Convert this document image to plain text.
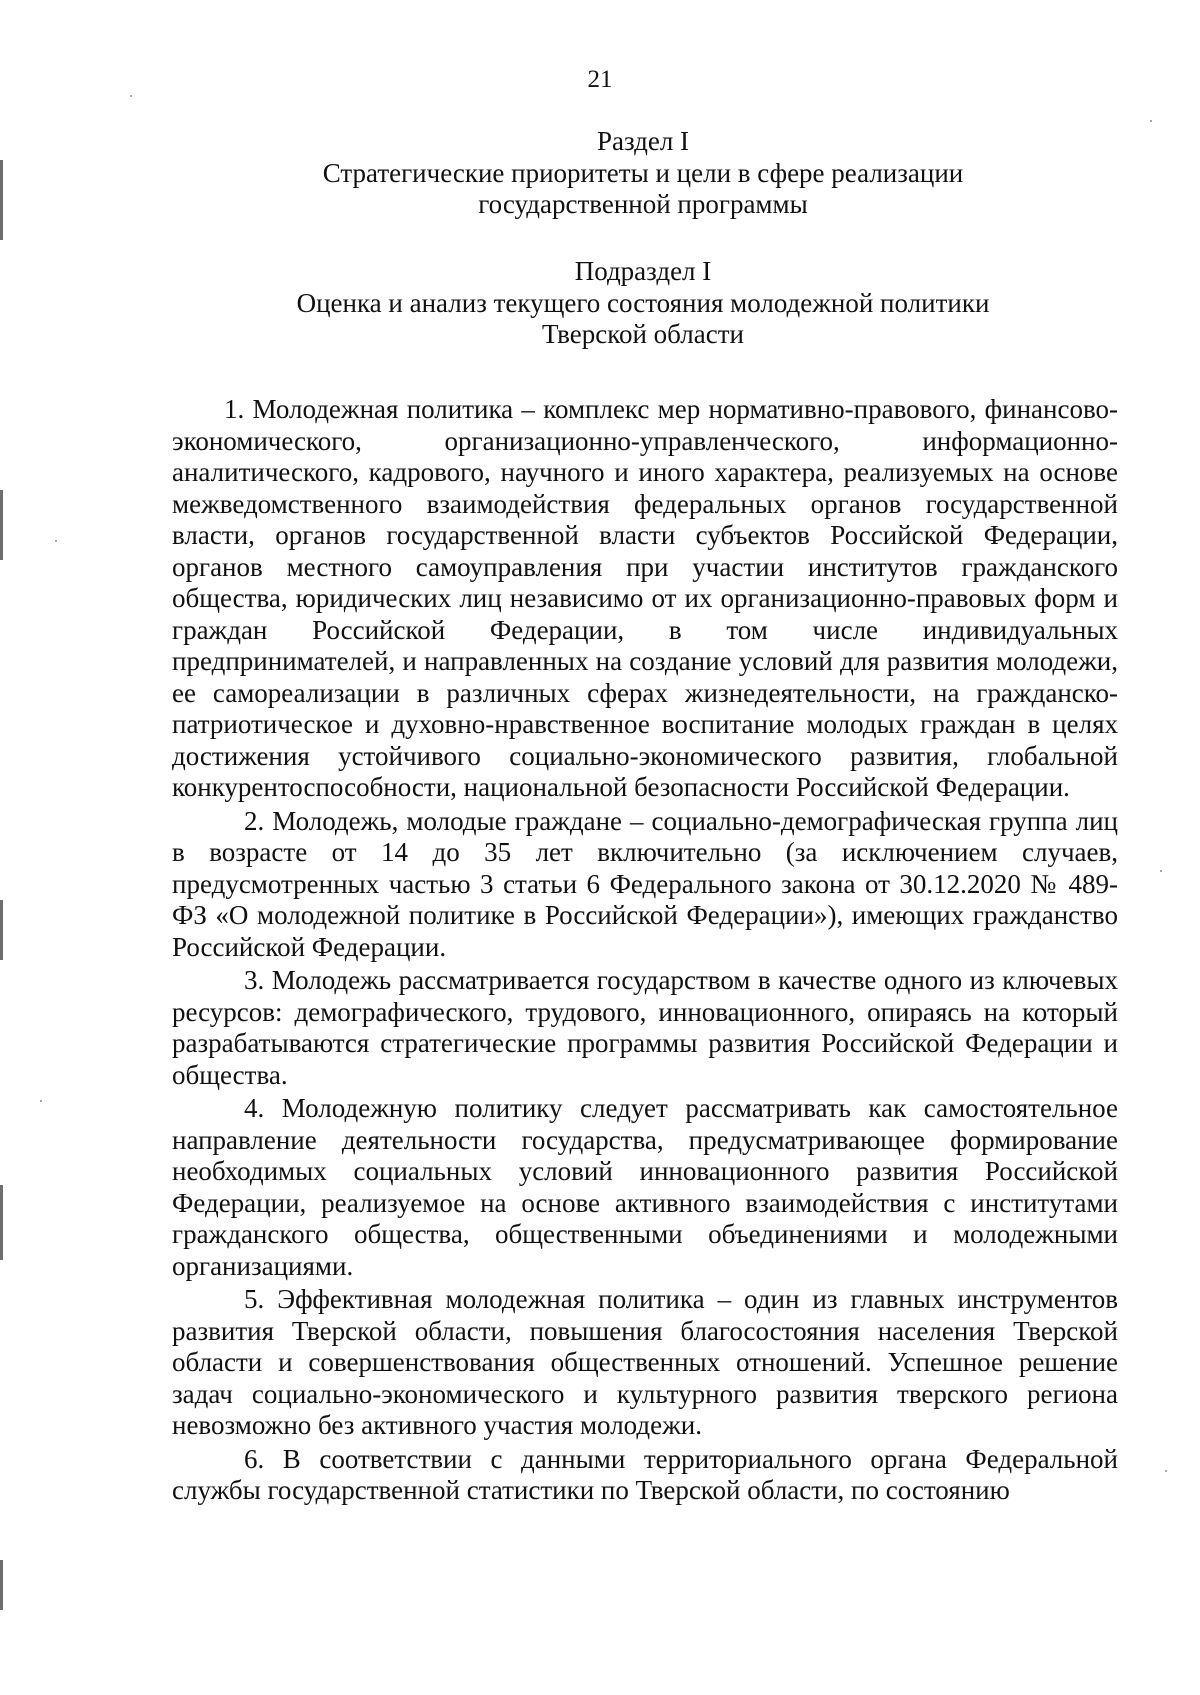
21
Раздел I
Стратегические приоритеты и цели в сфере реализации
государственной программы
Подраздел I
Оценка и анализ текущего состояния молодежной политики
Тверской области

1. Молодежная политика – комплекс мер нормативно-правового, финансово-экономического, организационно-управленческого, информационно-аналитического, кадрового, научного и иного характера, реализуемых на основе межведомственного взаимодействия федеральных органов государственной власти, органов государственной власти субъектов Российской Федерации, органов местного самоуправления при участии институтов гражданского общества, юридических лиц независимо от их организационно-правовых форм и граждан Российской Федерации, в том числе индивидуальных предпринимателей, и направленных на создание условий для развития молодежи, ее самореализации в различных сферах жизнедеятельности, на гражданско-патриотическое и духовно-нравственное воспитание молодых граждан в целях достижения устойчивого социально-экономического развития, глобальной конкурентоспособности, национальной безопасности Российской Федерации.

2. Молодежь, молодые граждане – социально-демографическая группа лиц в возрасте от 14 до 35 лет включительно (за исключением случаев, предусмотренных частью 3 статьи 6 Федерального закона от 30.12.2020 № 489-ФЗ «О молодежной политике в Российской Федерации»), имеющих гражданство Российской Федерации.

3. Молодежь рассматривается государством в качестве одного из ключевых ресурсов: демографического, трудового, инновационного, опираясь на который разрабатываются стратегические программы развития Российской Федерации и общества.

4. Молодежную политику следует рассматривать как самостоятельное направление деятельности государства, предусматривающее формирование необходимых социальных условий инновационного развития Российской Федерации, реализуемое на основе активного взаимодействия с институтами гражданского общества, общественными объединениями и молодежными организациями.

5. Эффективная молодежная политика – один из главных инструментов развития Тверской области, повышения благосостояния населения Тверской области и совершенствования общественных отношений. Успешное решение задач социально-экономического и культурного развития тверского региона невозможно без активного участия молодежи.

6. В соответствии с данными территориального органа Федеральной службы государственной статистики по Тверской области, по состоянию
